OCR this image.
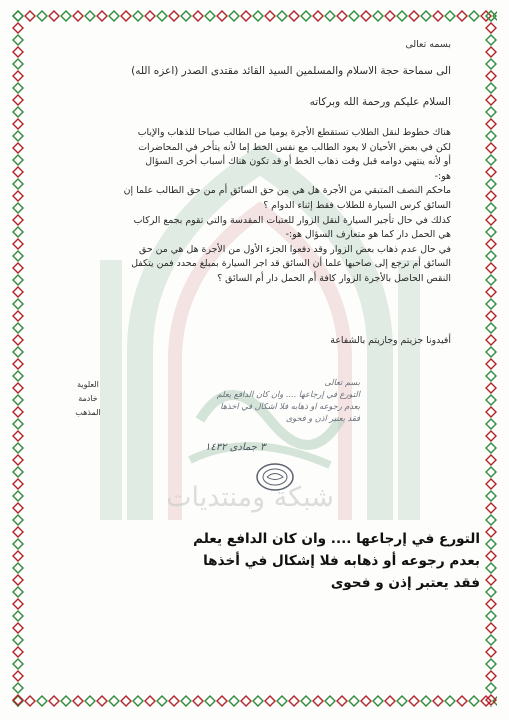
بسمه تعالى
الى سماحة حجة الاسلام والمسلمين السيد القائد مقتدى الصدر (اعزه الله)
السلام عليكم ورحمة الله وبركاته

هناك خطوط لنقل الطلاب تستقطع الأجرة يوميا من الطالب صباحا للذهاب والإياب

لكن في بعض الأحيان لا يعود الطالب مع نفس الخط إما لأنه يتأخر في المحاضرات

أو لأنه ينتهي دوامه قبل وقت ذهاب الخط أو قد تكون هناك أسباب أخرى السؤال

هو:-

ماحكم النصف المتبقي من الأجرة هل هي من حق السائق أم من حق الطالب علما إن

السائق كرس السيارة للطلاب فقط إثناء الدوام ؟

كذلك في حال تأجير السيارة لنقل الزوار للعتبات المقدسة والتي تقوم بجمع الركاب

هي الحمل دار كما هو متعارف السؤال هو:-

في حال عدم ذهاب بعض الزوار وقد دفعوا الجزء الأول من الأجرة هل هي من حق

السائق أم ترجع إلى صاحبها علما أن السائق قد اجر السيارة بمبلغ محدد فمن يتكفل

النقص الحاصل بالأجرة الزوار كافة أم الحمل دار أم السائق ؟

أفيدونا جزيتم وجازيتم بالشفاعة
العلوية
خادمة
المذهب
بسم تعالى
التورع في إرجاعها .... وان كان الدافع يعلم
بعدم رجوعه او ذهابه فلا اشكال في اخذها
فقد يعتبر اذن و فحوى
٣ جمادى ١٤٣٢
شبكة ومنتديات
التورع في إرجاعها .... وان كان الدافع يعلم
بعدم رجوعه أو ذهابه فلا إشكال في أخذها
فقد يعتبر إذن و فحوى
